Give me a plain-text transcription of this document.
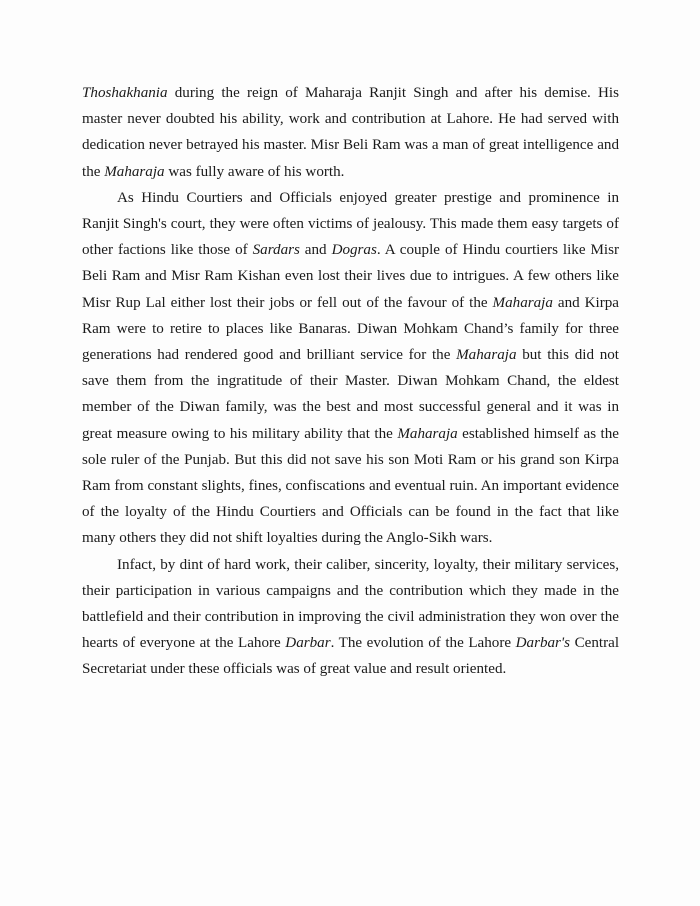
Thoshakhania during the reign of Maharaja Ranjit Singh and after his demise. His master never doubted his ability, work and contribution at Lahore. He had served with dedication never betrayed his master. Misr Beli Ram was a man of great intelligence and the Maharaja was fully aware of his worth.

As Hindu Courtiers and Officials enjoyed greater prestige and prominence in Ranjit Singh's court, they were often victims of jealousy. This made them easy targets of other factions like those of Sardars and Dogras. A couple of Hindu courtiers like Misr Beli Ram and Misr Ram Kishan even lost their lives due to intrigues. A few others like Misr Rup Lal either lost their jobs or fell out of the favour of the Maharaja and Kirpa Ram were to retire to places like Banaras. Diwan Mohkam Chand’s family for three generations had rendered good and brilliant service for the Maharaja but this did not save them from the ingratitude of their Master. Diwan Mohkam Chand, the eldest member of the Diwan family, was the best and most successful general and it was in great measure owing to his military ability that the Maharaja established himself as the sole ruler of the Punjab. But this did not save his son Moti Ram or his grand son Kirpa Ram from constant slights, fines, confiscations and eventual ruin. An important evidence of the loyalty of the Hindu Courtiers and Officials can be found in the fact that like many others they did not shift loyalties during the Anglo-Sikh wars.

Infact, by dint of hard work, their caliber, sincerity, loyalty, their military services, their participation in various campaigns and the contribution which they made in the battlefield and their contribution in improving the civil administration they won over the hearts of everyone at the Lahore Darbar. The evolution of the Lahore Darbar's Central Secretariat under these officials was of great value and result oriented.
